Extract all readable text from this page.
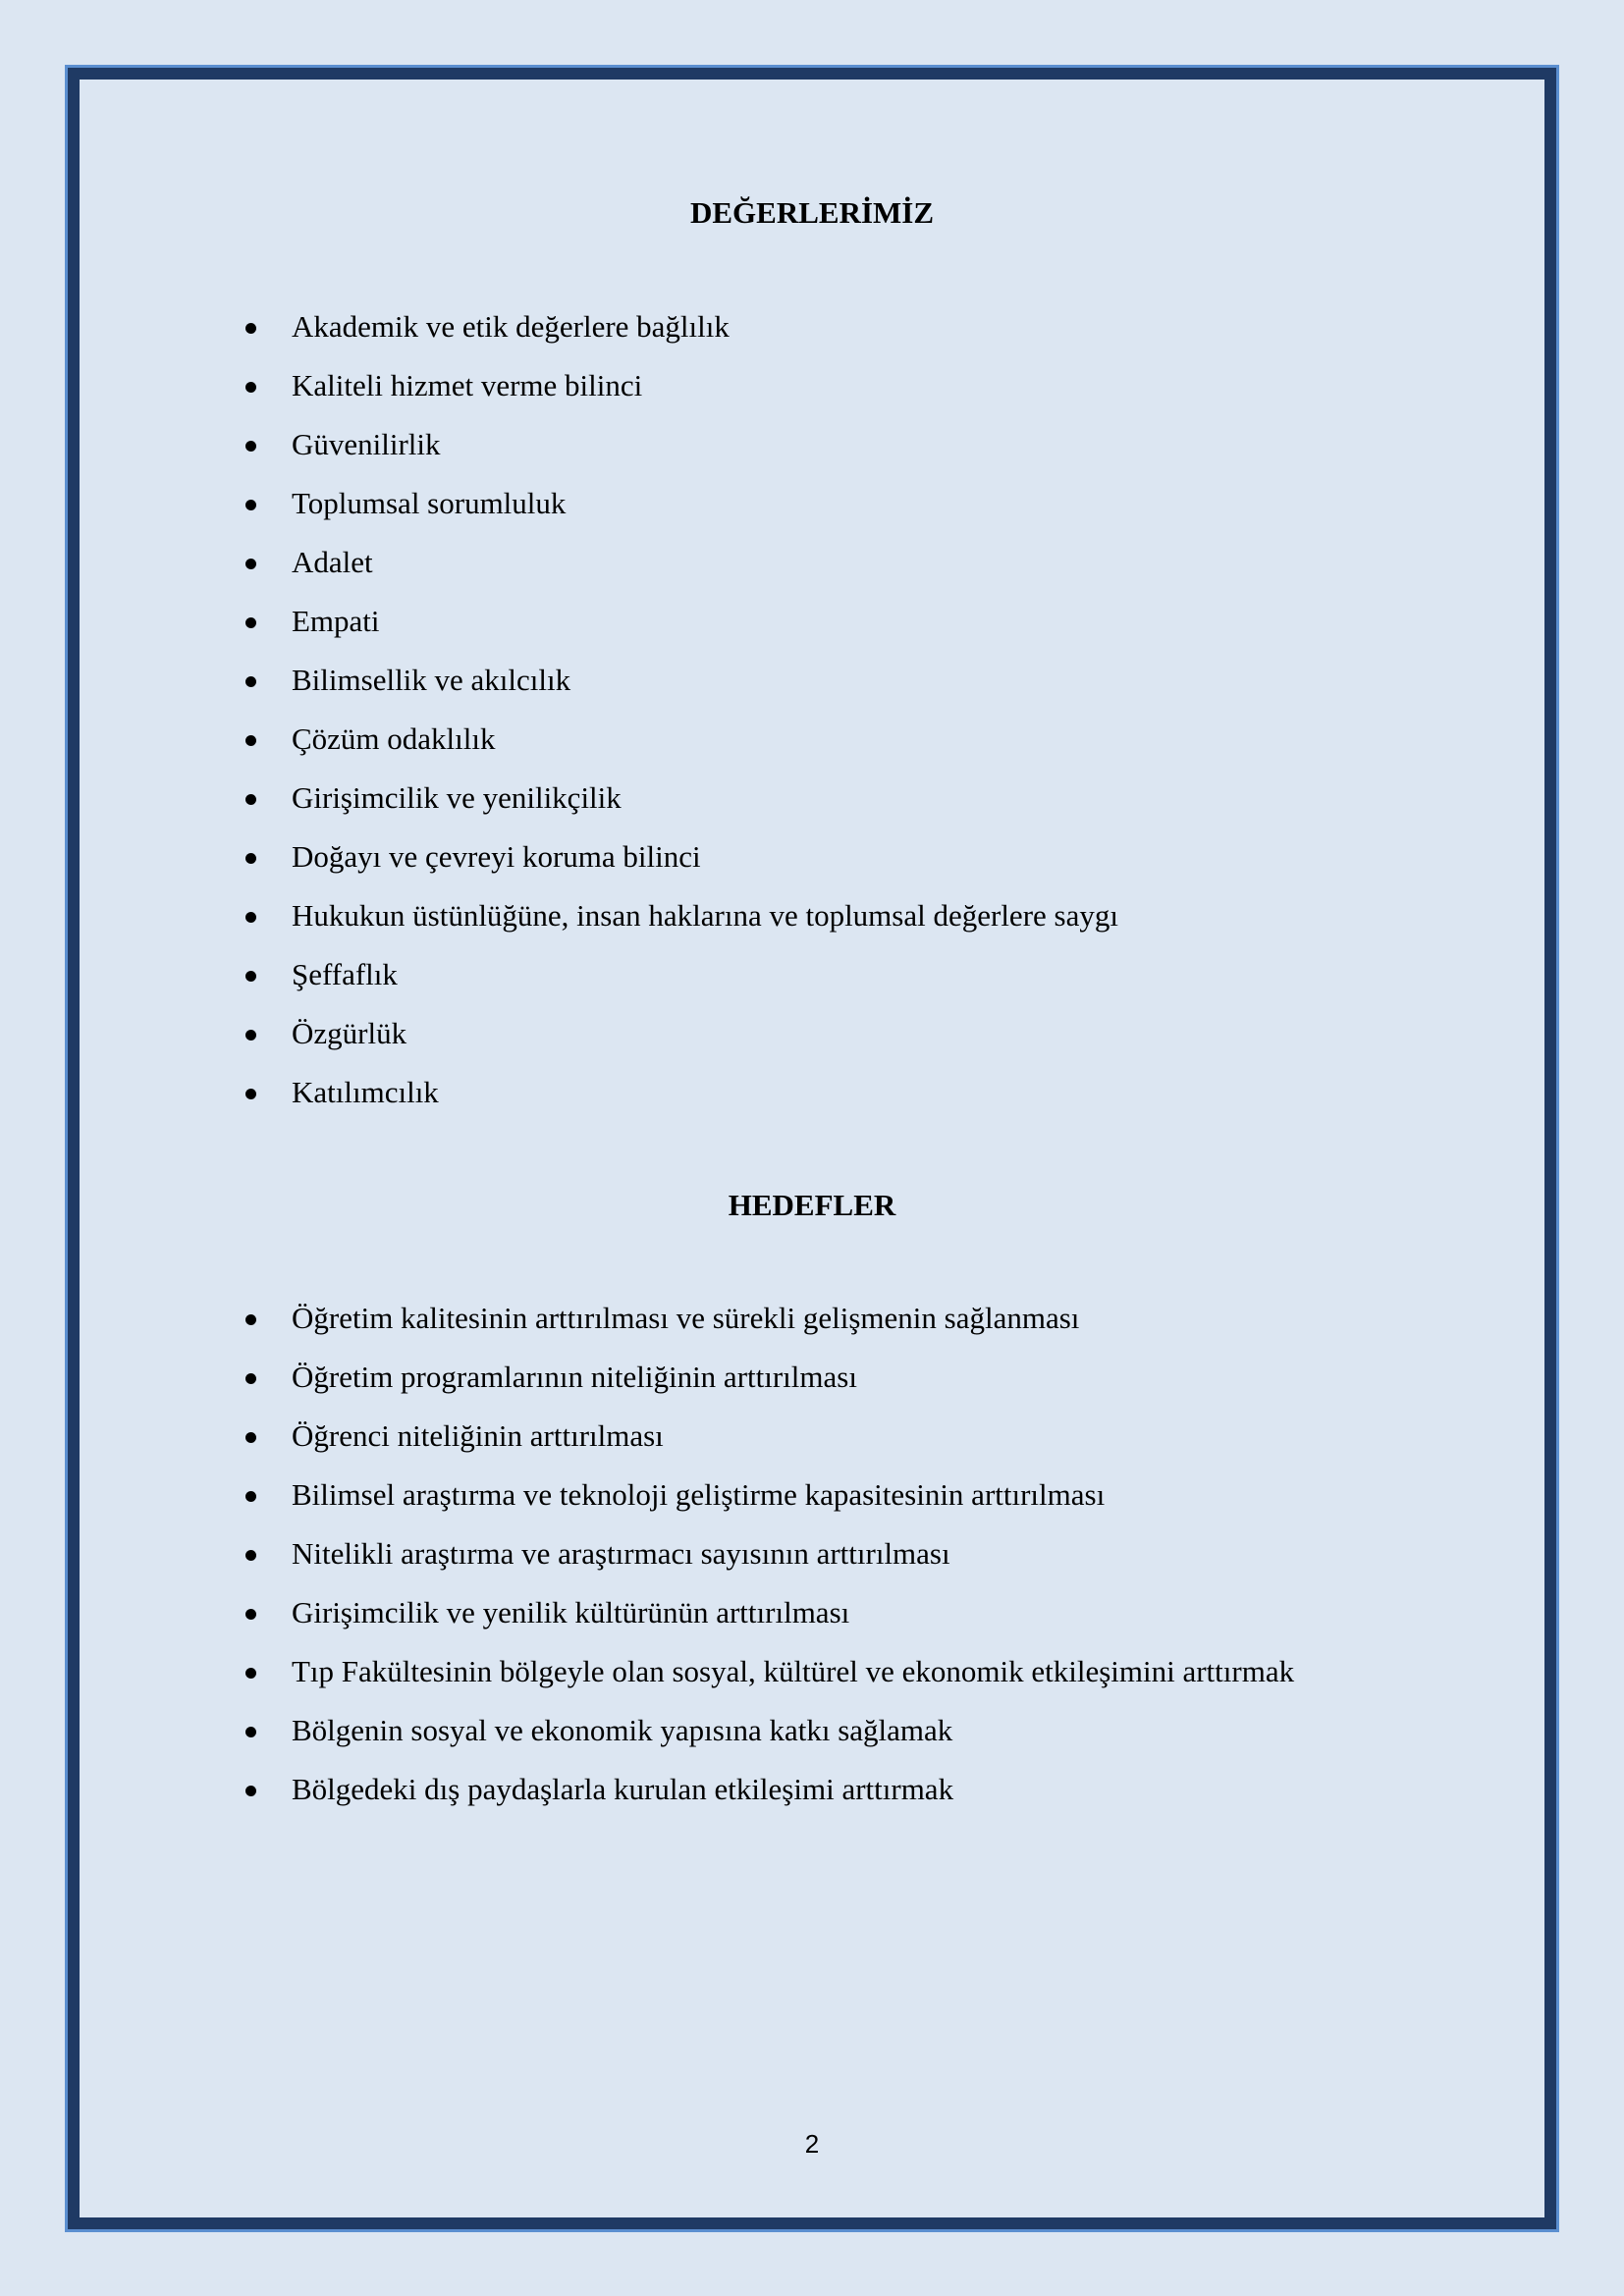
DEĞERLERİMİZ
Akademik ve etik değerlere bağlılık
Kaliteli hizmet verme bilinci
Güvenilirlik
Toplumsal sorumluluk
Adalet
Empati
Bilimsellik ve akılcılık
Çözüm odaklılık
Girişimcilik ve yenilikçilik
Doğayı ve çevreyi koruma bilinci
Hukukun üstünlüğüne, insan haklarına ve toplumsal değerlere saygı
Şeffaflık
Özgürlük
Katılımcılık
HEDEFLER
Öğretim kalitesinin arttırılması ve sürekli gelişmenin sağlanması
Öğretim programlarının niteliğinin arttırılması
Öğrenci niteliğinin arttırılması
Bilimsel araştırma ve teknoloji geliştirme kapasitesinin arttırılması
Nitelikli araştırma ve araştırmacı sayısının arttırılması
Girişimcilik ve yenilik kültürünün arttırılması
Tıp Fakültesinin bölgeyle olan sosyal, kültürel ve ekonomik etkileşimini arttırmak
Bölgenin sosyal ve ekonomik yapısına katkı sağlamak
Bölgedeki dış paydaşlarla kurulan etkileşimi arttırmak
2
